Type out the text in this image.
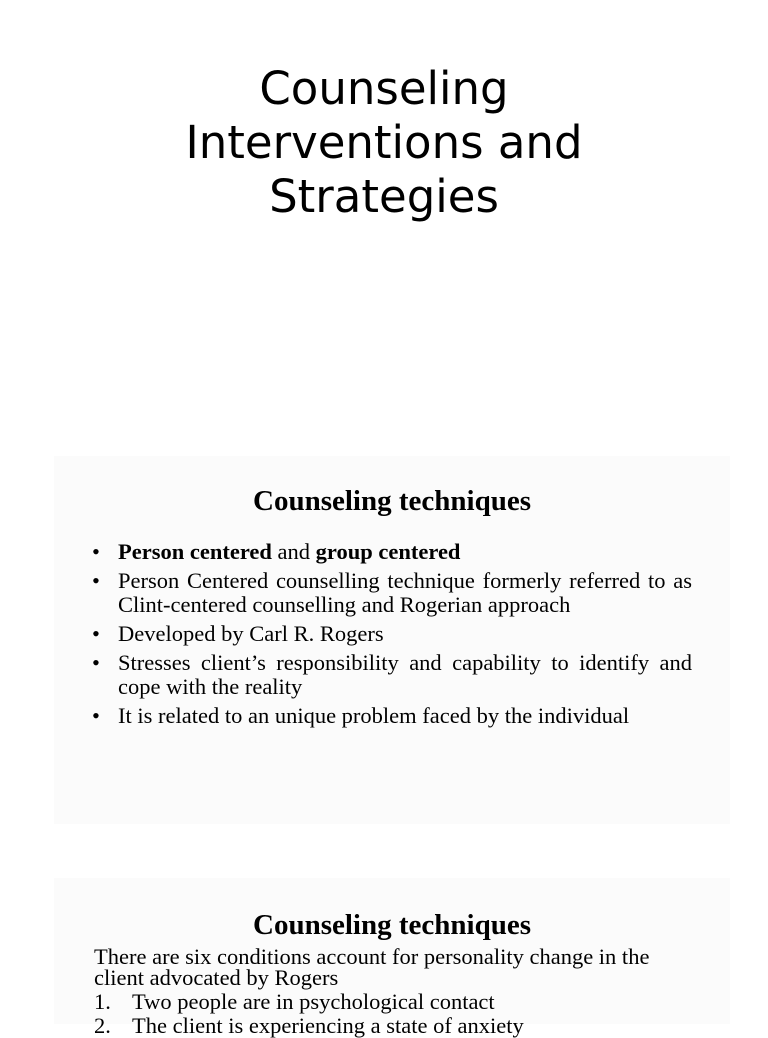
Counseling
Interventions and
Strategies
Counseling techniques
• Person centered and group centered
• Person Centered counselling technique formerly referred to as Clint-centered counselling and Rogerian approach
• Developed by Carl R. Rogers
• Stresses client’s responsibility and capability to identify and cope with the reality
• It is related to an unique problem faced by the individual
Counseling techniques

There are six conditions account for personality change in the client advocated by Rogers

1. Two people are in psychological contact
2. The client is experiencing a state of anxiety
